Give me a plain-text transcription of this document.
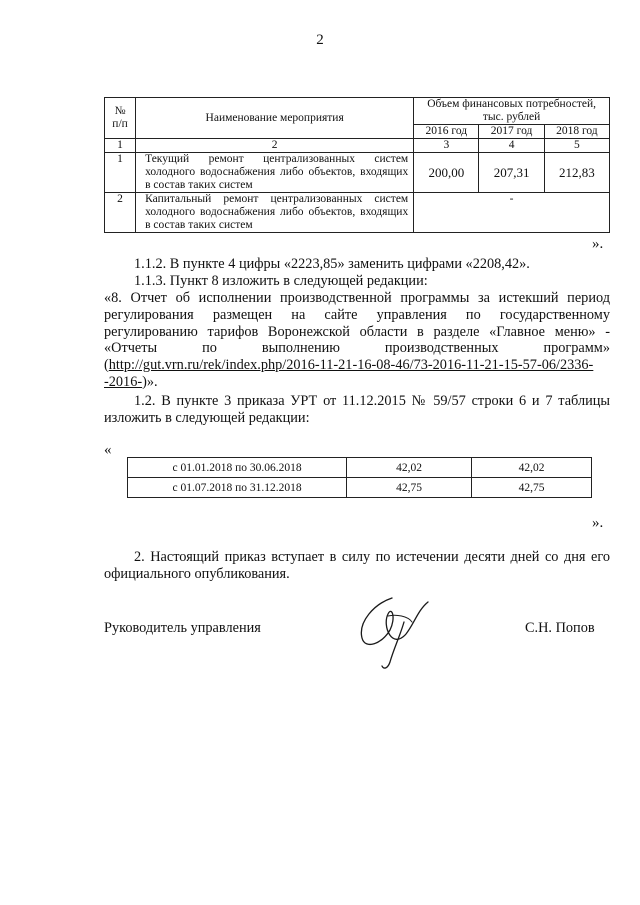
2
№
п/п	Наименование мероприятия	Объем финансовых потребностей,
тыс. рублей		
		2016 год	2017 год	2018 год
1	2	3	4	5
1	Текущий ремонт централизованных систем холодного водоснабжения либо объектов, входящих в состав таких систем	200,00	207,31	212,83
2	Капитальный ремонт централизованных систем холодного водоснабжения либо объектов, входящих в состав таких систем	-		
».
1.1.2. В пункте 4 цифры «2223,85» заменить цифрами «2208,42».
1.1.3. Пункт 8 изложить в следующей редакции:
«8. Отчет об исполнении производственной программы за истекший период регулирования размещен на сайте управления по государственному регулированию тарифов Воронежской области в разделе «Главное меню» - «Отчеты по выполнению производственных программ» (http://gut.vrn.ru/rek/index.php/2016-11-21-16-08-46/73-2016-11-21-15-57-06/2336--2016-)».
1.2. В пункте 3 приказа УРТ от 11.12.2015 № 59/57 строки 6 и 7 таблицы изложить в следующей редакции:
«
с 01.01.2018 по 30.06.2018	42,02	42,02
с 01.07.2018 по 31.12.2018	42,75	42,75
».
2. Настоящий приказ вступает в силу по истечении десяти дней со дня его официального опубликования.
Руководитель управления	С.Н. Попов
